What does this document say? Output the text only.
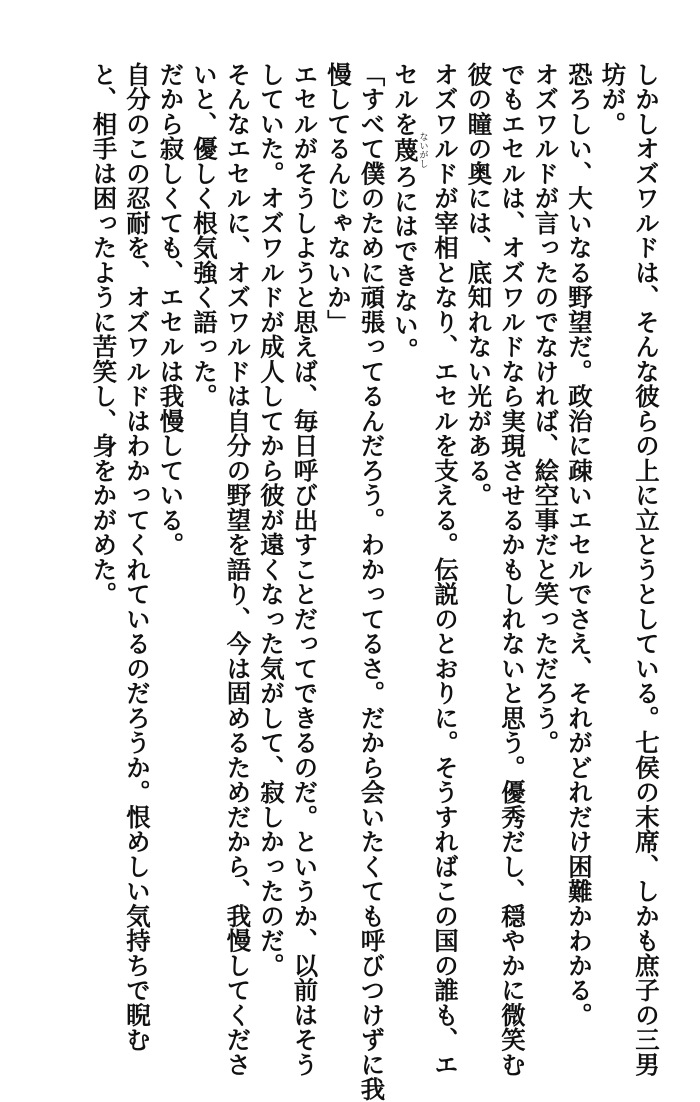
しかしオズワルドは、そんな彼らの上に立とうとしている。七侯の末席、しかも庶子の三男

坊が。

恐ろしい、大いなる野望だ。政治に疎いエセルでさえ、それがどれだけ困難かわかる。

オズワルドが言ったのでなければ、絵空事だと笑っただろう。

でもエセルは、オズワルドなら実現させるかもしれないと思う。優秀だし、穏やかに微笑む

彼の瞳の奥には、底知れない光がある。

オズワルドが宰相となり、エセルを支える。伝説のとおりに。そうすればこの国の誰も、エ

セルを蔑ないがしろにはできない。

「すべて僕のために頑張ってるんだろう。わかってるさ。だから会いたくても呼びつけずに我

慢してるんじゃないか」

エセルがそうしようと思えば、毎日呼び出すことだってできるのだ。というか、以前はそう

していた。オズワルドが成人してから彼が遠くなった気がして、寂しかったのだ。

そんなエセルに、オズワルドは自分の野望を語り、今は固めるためだから、我慢してくださ

いと、優しく根気強く語った。

だから寂しくても、エセルは我慢している。

自分のこの忍耐を、オズワルドはわかってくれているのだろうか。恨めしい気持ちで睨む

と、相手は困ったように苦笑し、身をかがめた。
